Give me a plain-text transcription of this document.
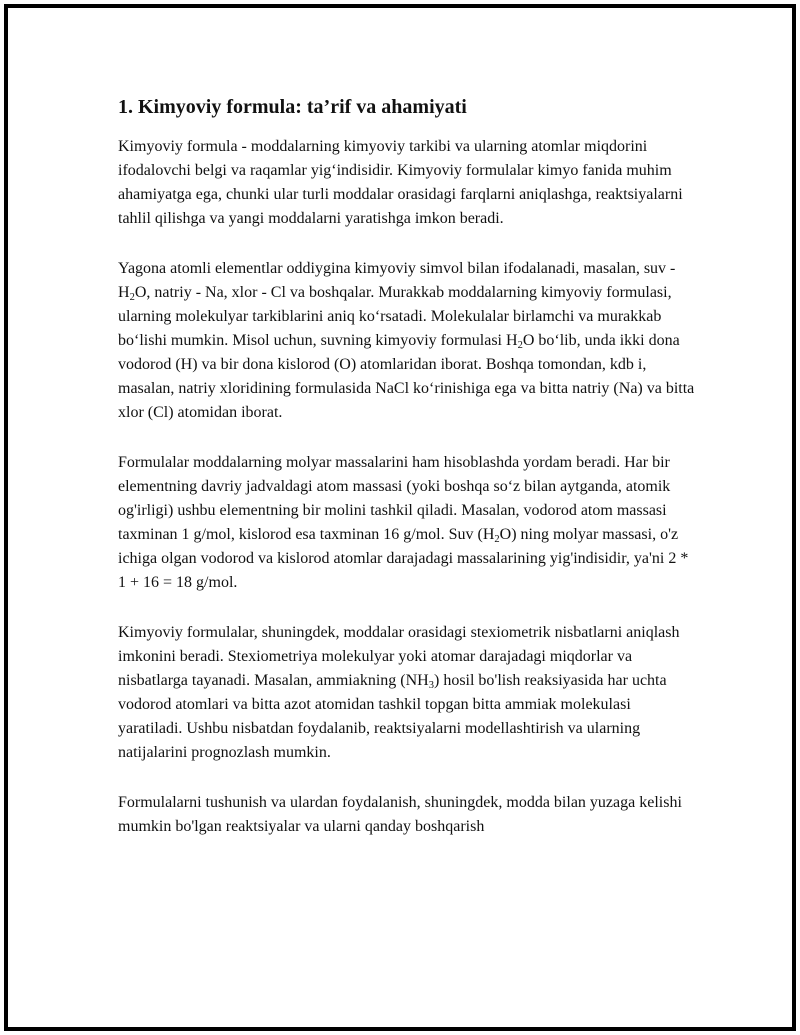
1. Kimyoviy formula: ta’rif va ahamiyati

Kimyoviy formula - moddalarning kimyoviy tarkibi va ularning atomlar miqdorini ifodalovchi belgi va raqamlar yig‘indisidir. Kimyoviy formulalar kimyo fanida muhim ahamiyatga ega, chunki ular turli moddalar orasidagi farqlarni aniqlashga, reaktsiyalarni tahlil qilishga va yangi moddalarni yaratishga imkon beradi.

Yagona atomli elementlar oddiygina kimyoviy simvol bilan ifodalanadi, masalan, suv - $H_2O$, natriy - Na, xlor - Cl va boshqalar. Murakkab moddalarning kimyoviy formulasi, ularning molekulyar tarkiblarini aniq ko‘rsatadi. Molekulalar birlamchi va murakkab bo‘lishi mumkin. Misol uchun, suvning kimyoviy formulasi $H_2O$ bo‘lib, unda ikki dona vodorod (H) va bir dona kislorod (O) atomlaridan iborat. Boshqa tomondan, kdb i, masalan, natriy xloridining formulasida NaCl ko‘rinishiga ega va bitta natriy (Na) va bitta xlor (Cl) atomidan iborat.

Formulalar moddalarning molyar massalarini ham hisoblashda yordam beradi. Har bir elementning davriy jadvaldagi atom massasi (yoki boshqa so‘z bilan aytganda, atomik og'irligi) ushbu elementning bir molini tashkil qiladi. Masalan, vodorod atom massasi taxminan 1 g/mol, kislorod esa taxminan 16 g/mol. Suv $(H_2O)$ ning molyar massasi, o'z ichiga olgan vodorod va kislorod atomlar darajadagi massalarining yig'indisidir, ya'ni 2 * 1 + 16 = 18 g/mol.

Kimyoviy formulalar, shuningdek, moddalar orasidagi stexiometrik nisbatlarni aniqlash imkonini beradi. Stexiometriya molekulyar yoki atomar darajadagi miqdorlar va nisbatlarga tayanadi. Masalan, ammiakning $(NH_3)$ hosil bo'lish reaksiyasida har uchta vodorod atomlari va bitta azot atomidan tashkil topgan bitta ammiak molekulasi yaratiladi. Ushbu nisbatdan foydalanib, reaktsiyalarni modellashtirish va ularning natijalarini prognozlash mumkin.

Formulalarni tushunish va ulardan foydalanish, shuningdek, modda bilan yuzaga kelishi mumkin bo'lgan reaktsiyalar va ularni qanday boshqarish
